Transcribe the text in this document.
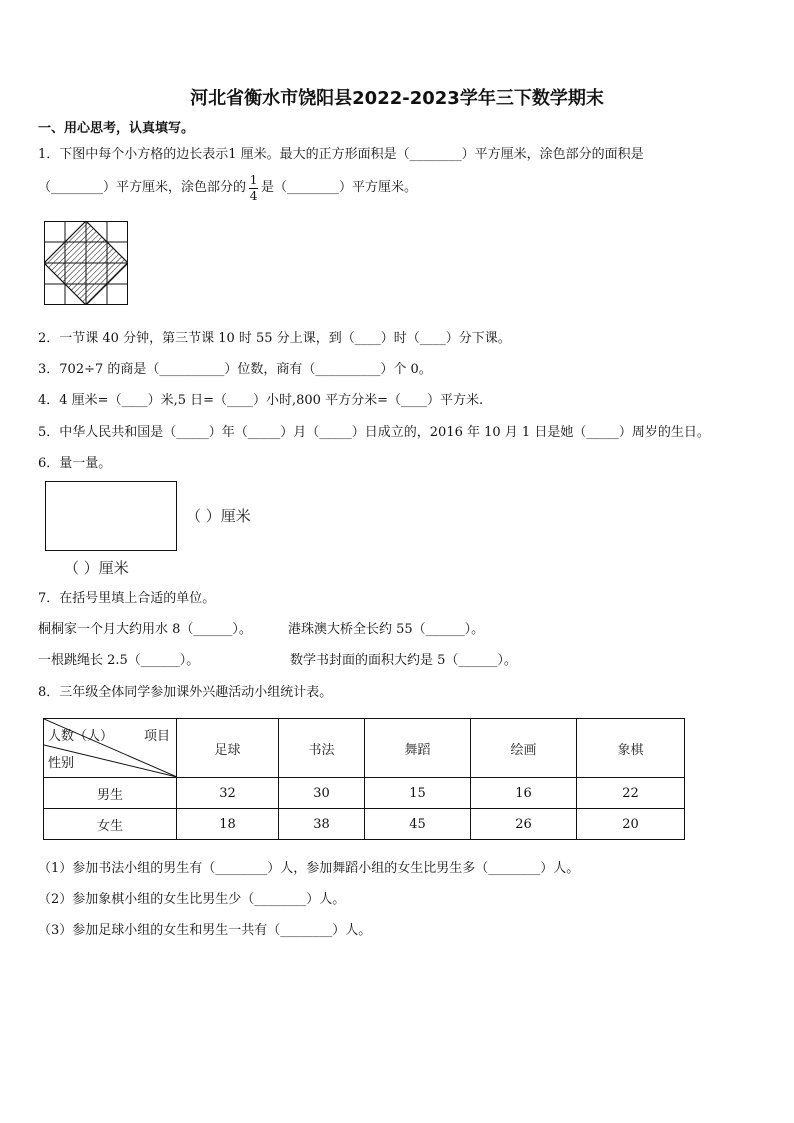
河北省衡水市饶阳县2022-2023学年三下数学期末
一、用心思考，认真填写。
1．下图中每个小方格的边长表示1 厘米。最大的正方形面积是（________）平方厘米，涂色部分的面积是
（________）平方厘米，涂色部分的 $\frac{1}{4}$ 是（________）平方厘米。
2．一节课 40 分钟，第三节课 10 时 55 分上课，到（____）时（____）分下课。
3．702÷7 的商是（__________）位数，商有（__________）个 0。
4．4 厘米=（____）米,5 日=（____）小时,800 平方分米=（____）平方米.
5．中华人民共和国是（_____）年（_____）月（_____）日成立的，2016 年 10 月 1 日是她（_____）周岁的生日。
6．量一量。
（ ）厘米
（ ）厘米
7．在括号里填上合适的单位。
桐桐家一个月大约用水 8（______）。	港珠澳大桥全长约 55（______）。
一根跳绳长 2.5（______）。	数学书封面的面积大约是 5（______）。
8．三年级全体同学参加课外兴趣活动小组统计表。
人数（人） 项目
性别	足球	书法	舞蹈	绘画	象棋
男生	32	30	15	16	22
女生	18	38	45	26	20
（1）参加书法小组的男生有（________）人，参加舞蹈小组的女生比男生多（________）人。
（2）参加象棋小组的女生比男生少（________）人。
（3）参加足球小组的女生和男生一共有（________）人。
